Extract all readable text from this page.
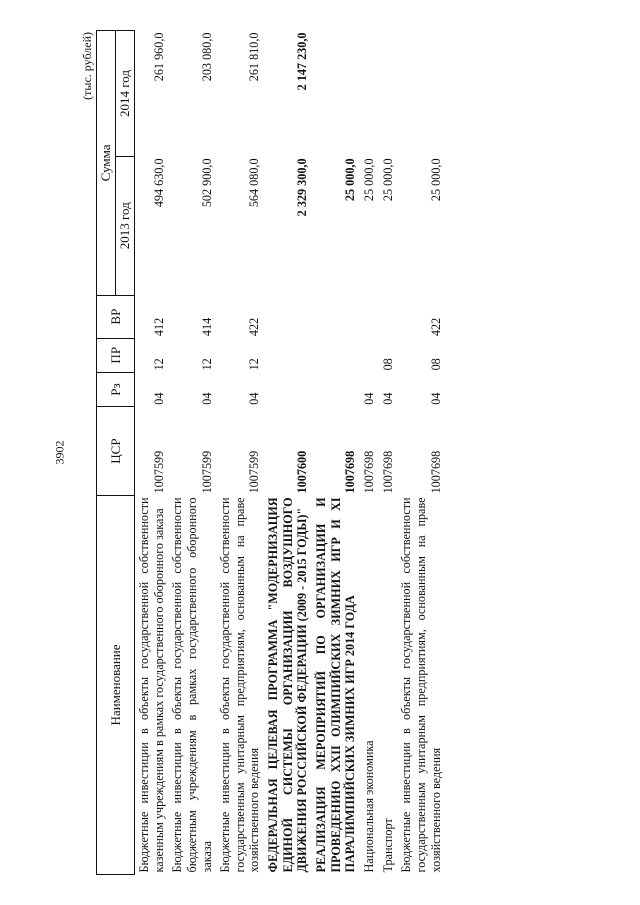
3902
(тыс. рублей)
Наименование	ЦСР	Рз	ПР	ВР	Сумма	
					2013 год	2014 год
Бюджетные инвестиции в объекты государственной собственности казенным учреждениям в рамках государственного оборонного заказа	1007599	04	12	412	494 630,0	261 960,0
Бюджетные инвестиции в объекты государственной собственности бюджетным учреждениям в рамках государственного оборонного заказа	1007599	04	12	414	502 900,0	203 080,0
Бюджетные инвестиции в объекты государственной собственности государственным унитарным предприятиям, основанным на праве хозяйственного ведения	1007599	04	12	422	564 080,0	261 810,0
ФЕДЕРАЛЬНАЯ ЦЕЛЕВАЯ ПРОГРАММА "МОДЕРНИЗАЦИЯ ЕДИНОЙ СИСТЕМЫ ОРГАНИЗАЦИИ ВОЗДУШНОГО ДВИЖЕНИЯ РОССИЙСКОЙ ФЕДЕРАЦИИ (2009 - 2015 ГОДЫ)"	1007600				2 329 300,0	2 147 230,0
РЕАЛИЗАЦИЯ МЕРОПРИЯТИЙ ПО ОРГАНИЗАЦИИ И ПРОВЕДЕНИЮ XXII ОЛИМПИЙСКИХ ЗИМНИХ ИГР И XI ПАРАЛИМПИЙСКИХ ЗИМНИХ ИГР 2014 ГОДА	1007698				25 000,0	
Национальная экономика	1007698	04			25 000,0	
Транспорт	1007698	04	08		25 000,0	
Бюджетные инвестиции в объекты государственной собственности государственным унитарным предприятиям, основанным на праве хозяйственного ведения	1007698	04	08	422	25 000,0	
